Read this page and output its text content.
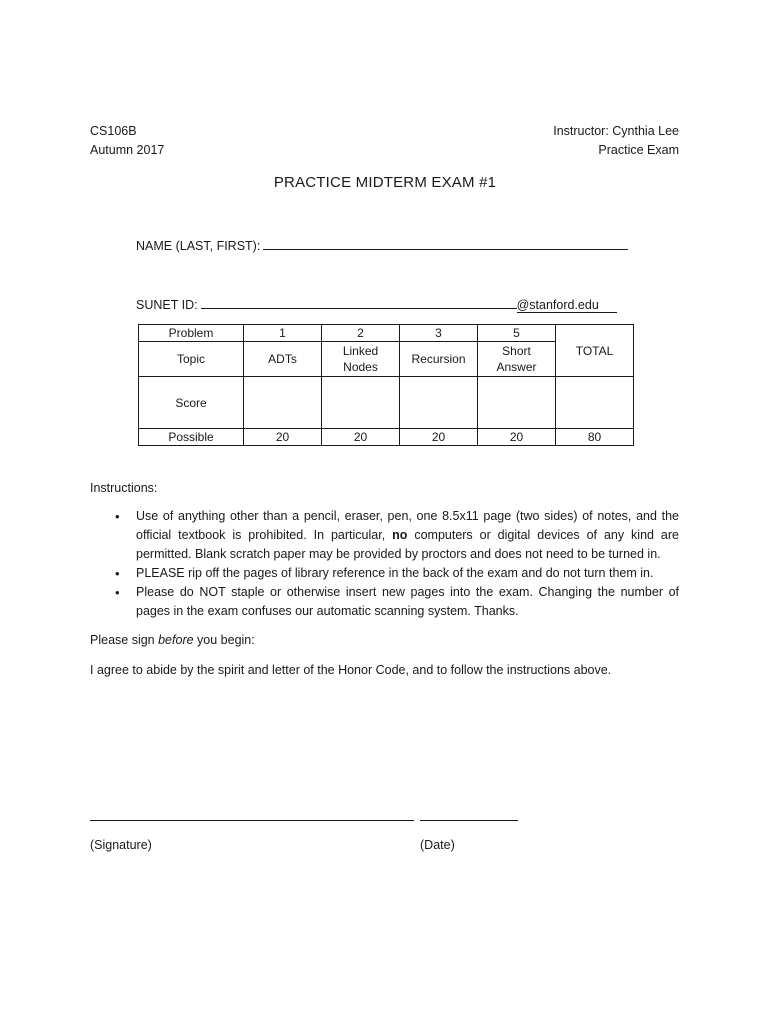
CS106B
Autumn 2017
Instructor: Cynthia Lee
Practice Exam
PRACTICE MIDTERM EXAM #1
NAME (LAST, FIRST):
SUNET ID:	@stanford.edu
Problem	1	2	3	5	TOTAL
Topic	ADTs	Linked Nodes	Recursion	Short Answer	

Score					
Possible	20	20	20	20	80
Instructions:
• Use of anything other than a pencil, eraser, pen, one 8.5x11 page (two sides) of notes, and the official textbook is prohibited. In particular, no computers or digital devices of any kind are permitted. Blank scratch paper may be provided by proctors and does not need to be turned in.
• PLEASE rip off the pages of library reference in the back of the exam and do not turn them in.
• Please do NOT staple or otherwise insert new pages into the exam. Changing the number of pages in the exam confuses our automatic scanning system. Thanks.
Please sign before you begin:
I agree to abide by the spirit and letter of the Honor Code, and to follow the instructions above.
(Signature)	(Date)
